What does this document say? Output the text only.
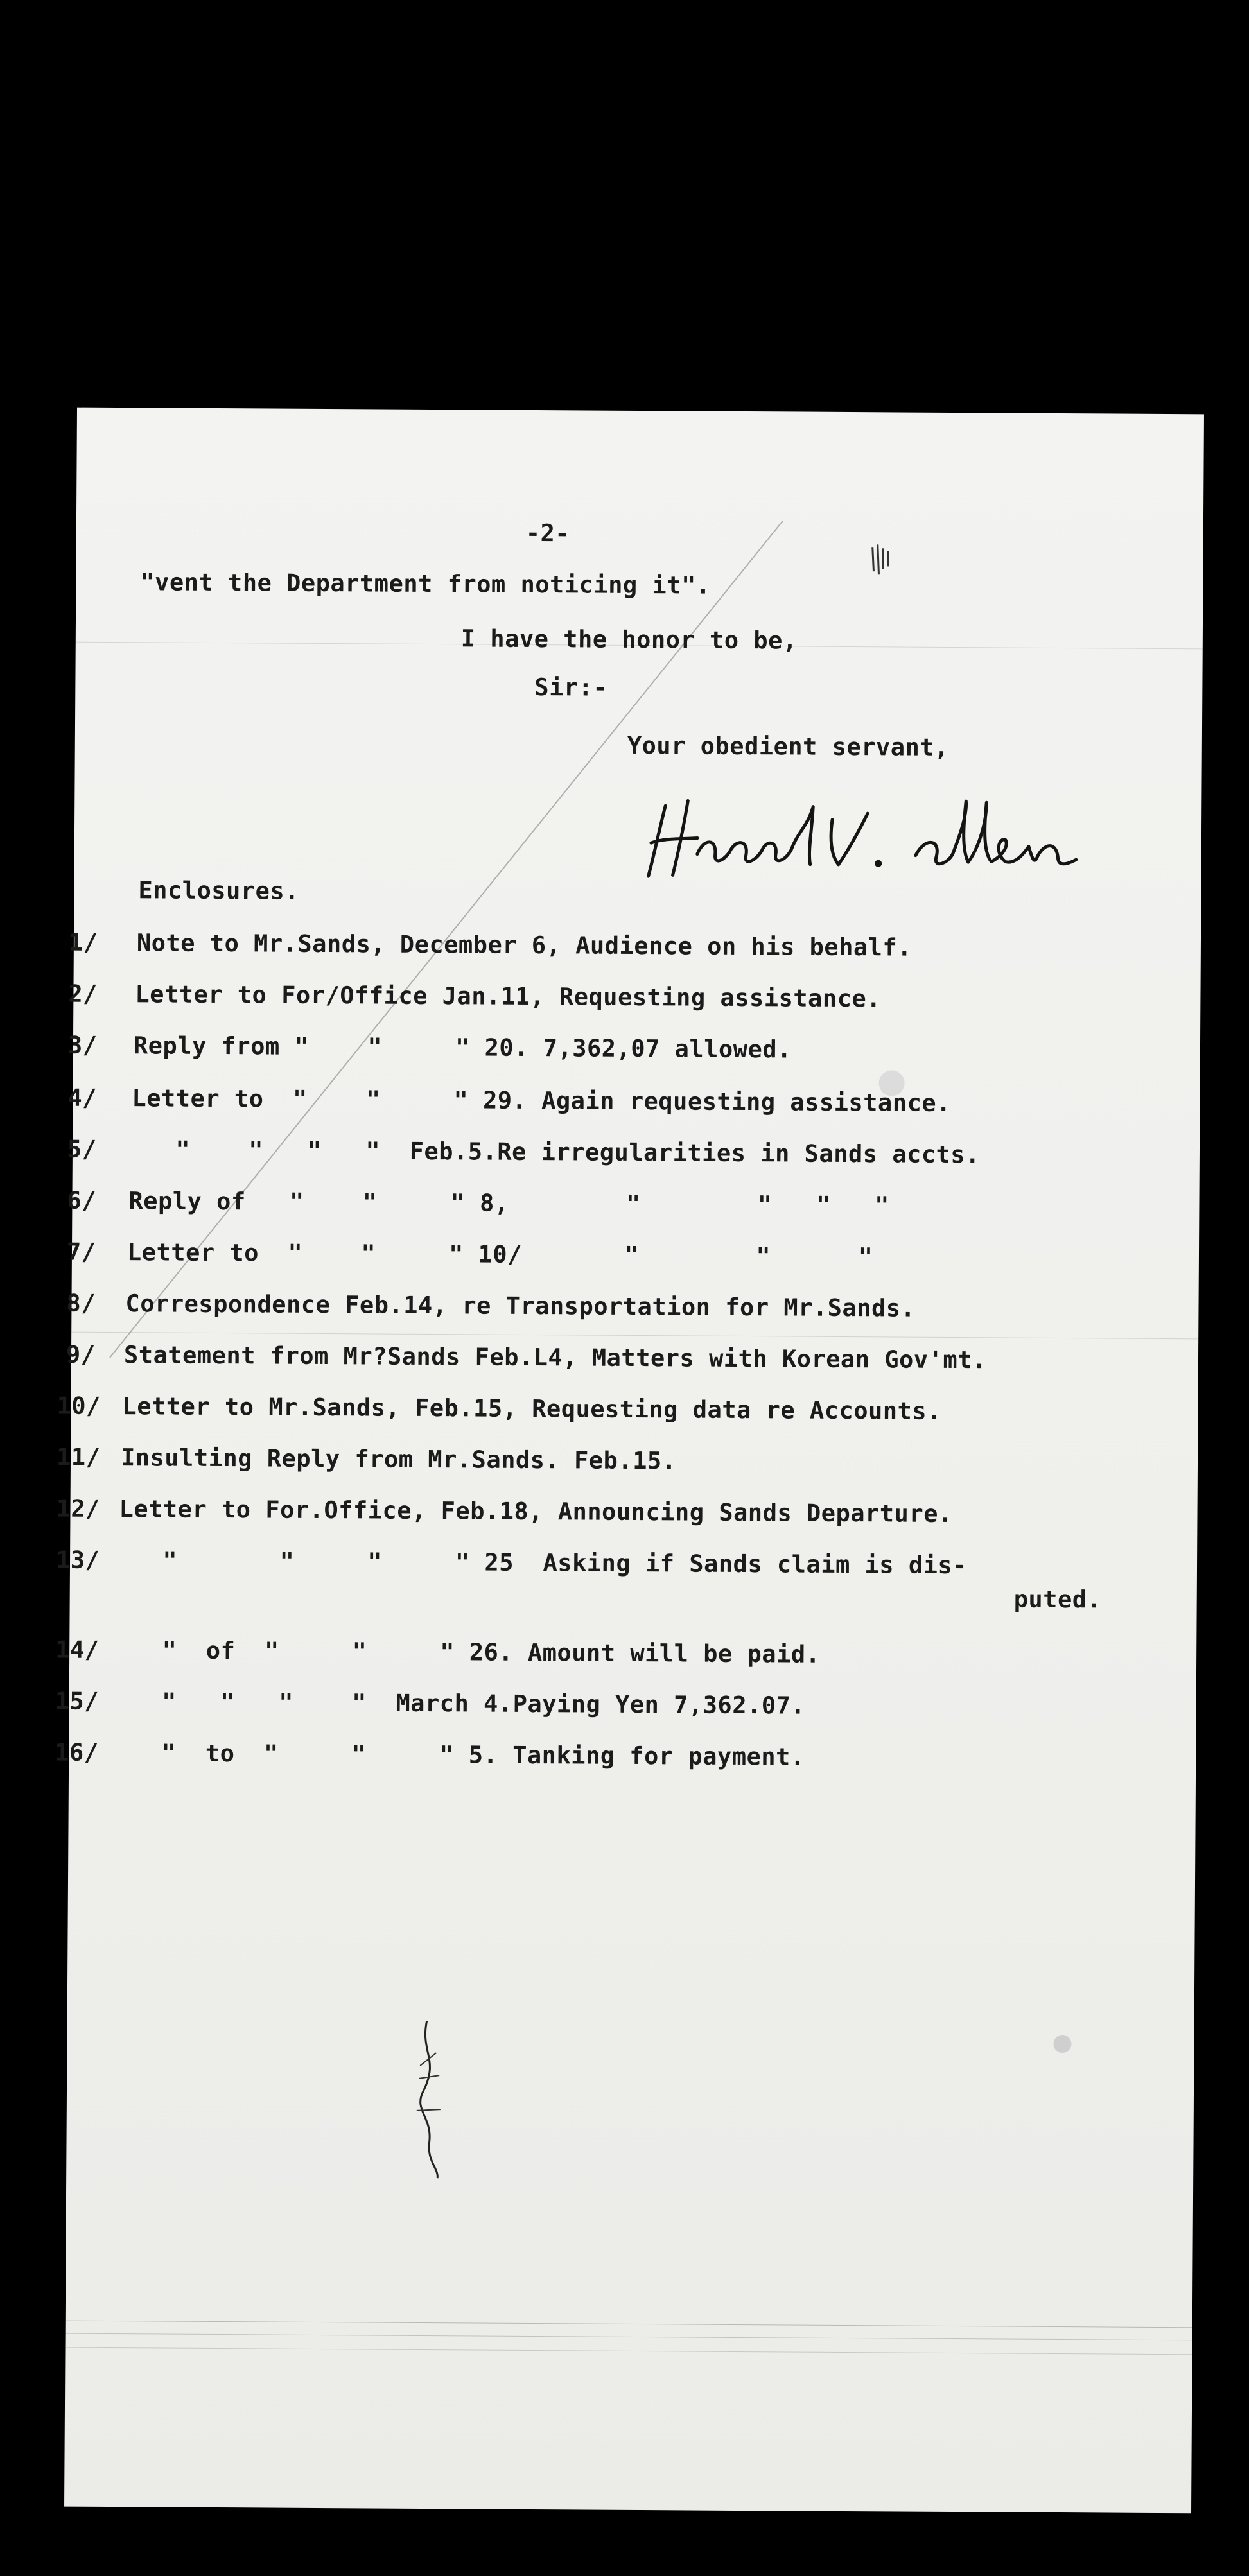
-2-
"vent the Department from noticing it".
I have the honor to be,
Sir:-
Your obedient servant,
Enclosures.
1/ Note to Mr.Sands, December 6, Audience on his behalf.
2/ Letter to For/Office Jan.11, Requesting assistance.
3/ Reply from "    "     " 20. 7,362,07 allowed.
4/ Letter to  "    "     " 29. Again requesting assistance.
5/ "    "   "   "  Feb.5.Re irregularities in Sands accts.
6/ Reply of   "    "     " 8,        "        "   "   "
7/ Letter to  "    "     " 10/       "        "      "
8/ Correspondence Feb.14, re Transportation for Mr.Sands.
9/ Statement from Mr?Sands Feb.L4, Matters with Korean Gov'mt.
10/ Letter to Mr.Sands, Feb.15, Requesting data re Accounts.
11/ Insulting Reply from Mr.Sands. Feb.15.
12/ Letter to For.Office, Feb.18, Announcing Sands Departure.
13/ "       "     "     " 25  Asking if Sands claim is dis-
puted.
14/ "  of  "     "     " 26. Amount will be paid.
15/ "   "   "    "  March 4.Paying Yen 7,362.07.
16/ "  to  "     "     " 5. Tanking for payment.
